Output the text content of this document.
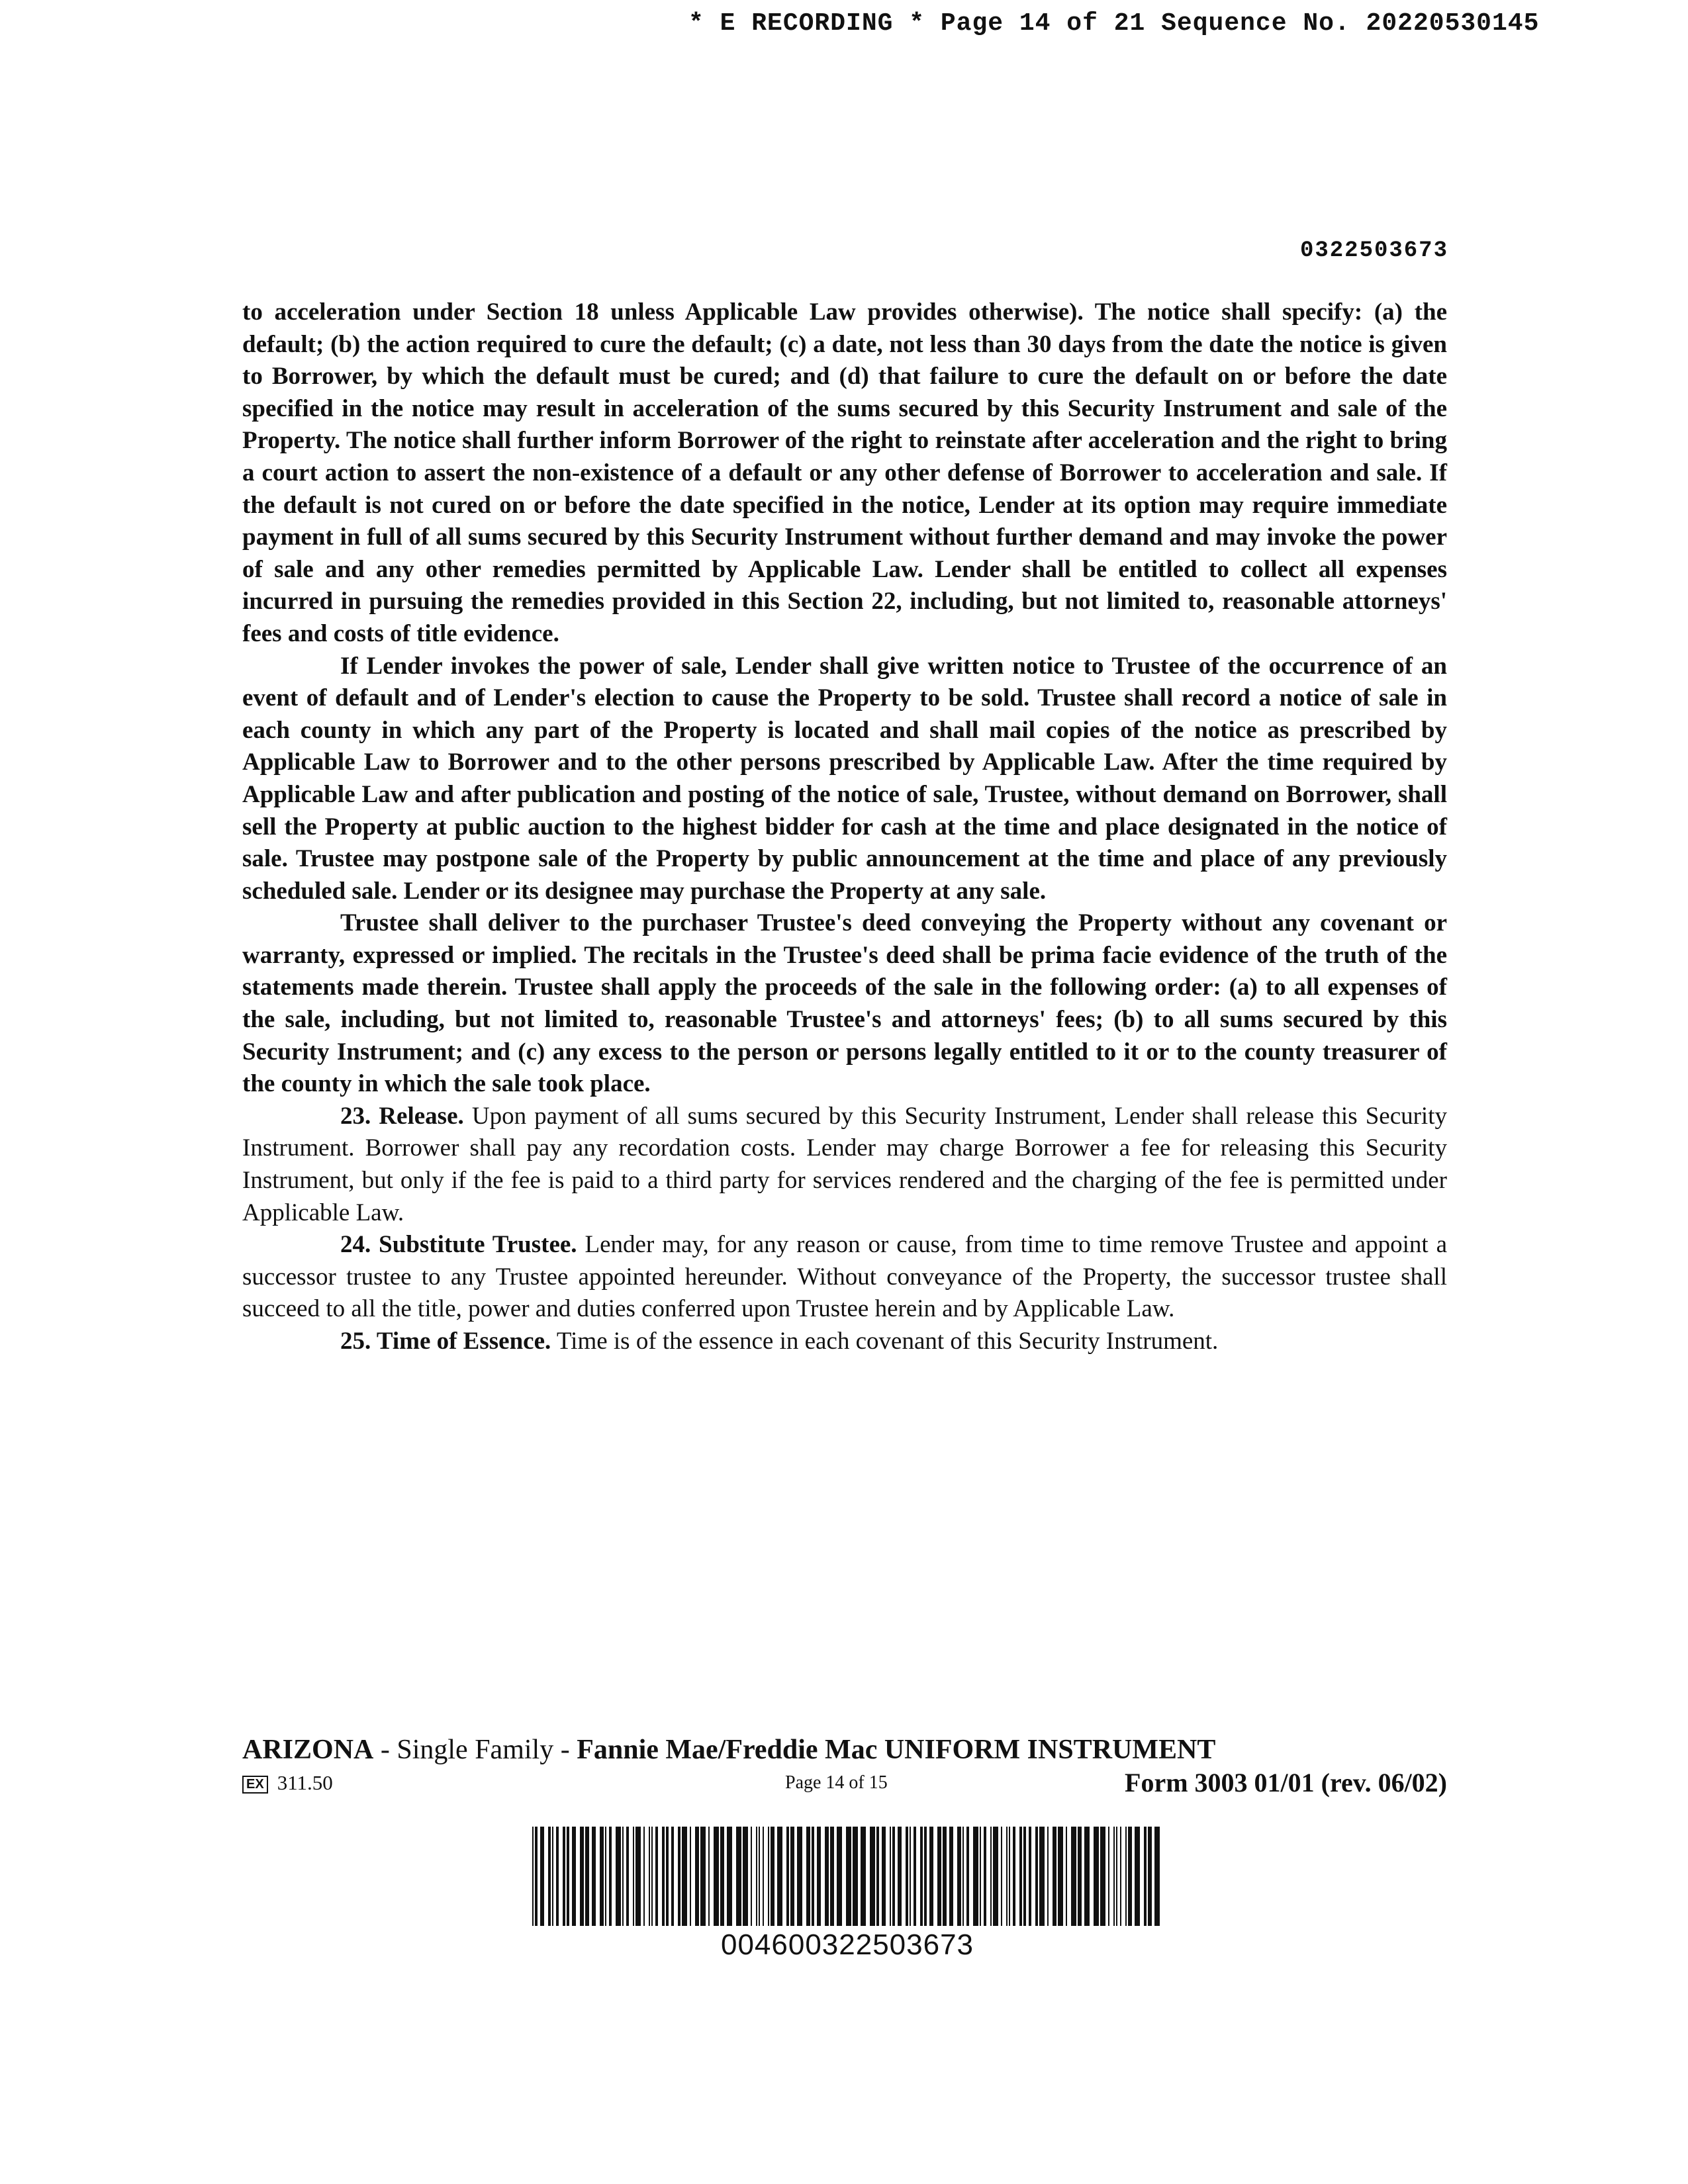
* E RECORDING * Page 14 of 21 Sequence No. 20220530145
0322503673

to acceleration under Section 18 unless Applicable Law provides otherwise). The notice shall specify: (a) the default; (b) the action required to cure the default; (c) a date, not less than 30 days from the date the notice is given to Borrower, by which the default must be cured; and (d) that failure to cure the default on or before the date specified in the notice may result in acceleration of the sums secured by this Security Instrument and sale of the Property. The notice shall further inform Borrower of the right to reinstate after acceleration and the right to bring a court action to assert the non-existence of a default or any other defense of Borrower to acceleration and sale. If the default is not cured on or before the date specified in the notice, Lender at its option may require immediate payment in full of all sums secured by this Security Instrument without further demand and may invoke the power of sale and any other remedies permitted by Applicable Law. Lender shall be entitled to collect all expenses incurred in pursuing the remedies provided in this Section 22, including, but not limited to, reasonable attorneys' fees and costs of title evidence.

If Lender invokes the power of sale, Lender shall give written notice to Trustee of the occurrence of an event of default and of Lender's election to cause the Property to be sold. Trustee shall record a notice of sale in each county in which any part of the Property is located and shall mail copies of the notice as prescribed by Applicable Law to Borrower and to the other persons prescribed by Applicable Law. After the time required by Applicable Law and after publication and posting of the notice of sale, Trustee, without demand on Borrower, shall sell the Property at public auction to the highest bidder for cash at the time and place designated in the notice of sale. Trustee may postpone sale of the Property by public announcement at the time and place of any previously scheduled sale. Lender or its designee may purchase the Property at any sale.

Trustee shall deliver to the purchaser Trustee's deed conveying the Property without any covenant or warranty, expressed or implied. The recitals in the Trustee's deed shall be prima facie evidence of the truth of the statements made therein. Trustee shall apply the proceeds of the sale in the following order: (a) to all expenses of the sale, including, but not limited to, reasonable Trustee's and attorneys' fees; (b) to all sums secured by this Security Instrument; and (c) any excess to the person or persons legally entitled to it or to the county treasurer of the county in which the sale took place.

23. Release. Upon payment of all sums secured by this Security Instrument, Lender shall release this Security Instrument. Borrower shall pay any recordation costs. Lender may charge Borrower a fee for releasing this Security Instrument, but only if the fee is paid to a third party for services rendered and the charging of the fee is permitted under Applicable Law.

24. Substitute Trustee. Lender may, for any reason or cause, from time to time remove Trustee and appoint a successor trustee to any Trustee appointed hereunder. Without conveyance of the Property, the successor trustee shall succeed to all the title, power and duties conferred upon Trustee herein and by Applicable Law.

25. Time of Essence. Time is of the essence in each covenant of this Security Instrument.

ARIZONA - Single Family - Fannie Mae/Freddie Mac UNIFORM INSTRUMENT
EX 311.50	Page 14 of 15	Form 3003 01/01 (rev. 06/02)
004600322503673
